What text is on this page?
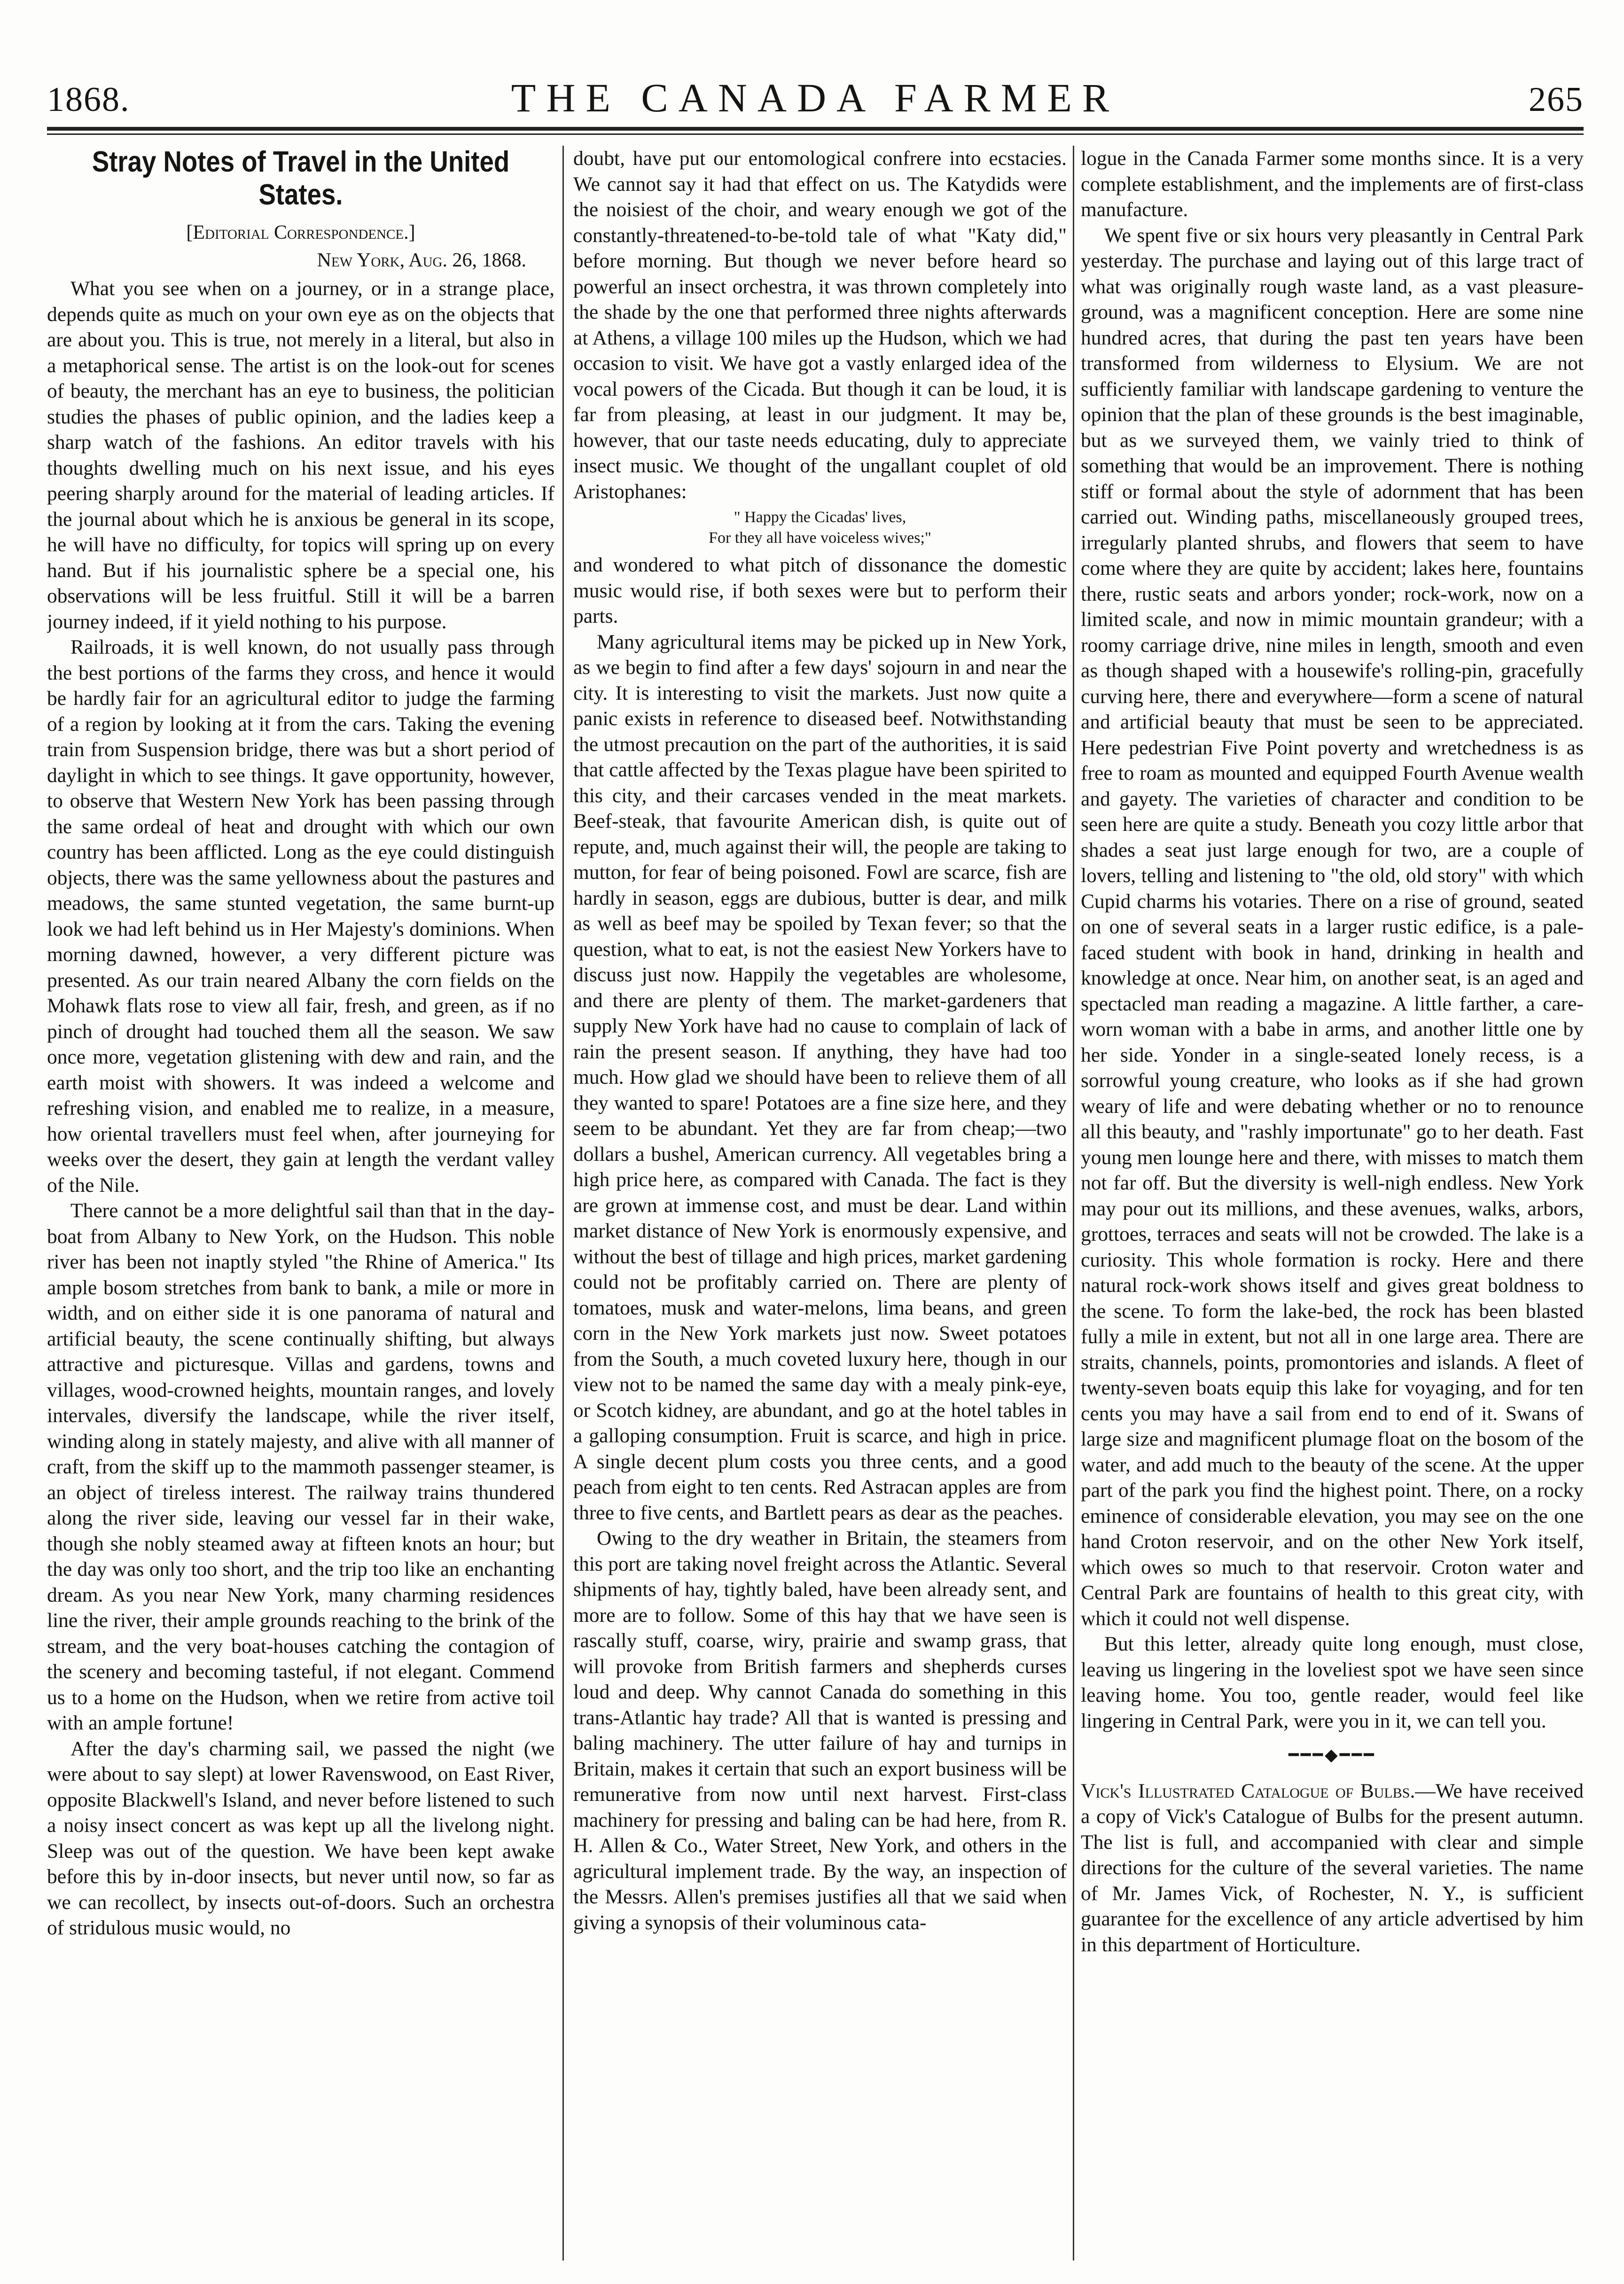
1868.	THE CANADA FARMER	265
Stray Notes of Travel in the United States.
[Editorial Correspondence.]
New York, Aug. 26, 1868.

What you see when on a journey, or in a strange place, depends quite as much on your own eye as on the objects that are about you. This is true, not merely in a literal, but also in a metaphorical sense. The artist is on the look-out for scenes of beauty, the merchant has an eye to business, the politician studies the phases of public opinion, and the ladies keep a sharp watch of the fashions. An editor travels with his thoughts dwelling much on his next issue, and his eyes peering sharply around for the material of leading articles. If the journal about which he is anxious be general in its scope, he will have no difficulty, for topics will spring up on every hand. But if his journalistic sphere be a special one, his observations will be less fruitful. Still it will be a barren journey indeed, if it yield nothing to his purpose.

Railroads, it is well known, do not usually pass through the best portions of the farms they cross, and hence it would be hardly fair for an agricultural editor to judge the farming of a region by looking at it from the cars. Taking the evening train from Suspension bridge, there was but a short period of daylight in which to see things. It gave opportunity, however, to observe that Western New York has been passing through the same ordeal of heat and drought with which our own country has been afflicted. Long as the eye could distinguish objects, there was the same yellowness about the pastures and meadows, the same stunted vegetation, the same burnt-up look we had left behind us in Her Majesty's dominions. When morning dawned, however, a very different picture was presented. As our train neared Albany the corn fields on the Mohawk flats rose to view all fair, fresh, and green, as if no pinch of drought had touched them all the season. We saw once more, vegetation glistening with dew and rain, and the earth moist with showers. It was indeed a welcome and refreshing vision, and enabled me to realize, in a measure, how oriental travellers must feel when, after journeying for weeks over the desert, they gain at length the verdant valley of the Nile.

There cannot be a more delightful sail than that in the day-boat from Albany to New York, on the Hudson. This noble river has been not inaptly styled "the Rhine of America." Its ample bosom stretches from bank to bank, a mile or more in width, and on either side it is one panorama of natural and artificial beauty, the scene continually shifting, but always attractive and picturesque. Villas and gardens, towns and villages, wood-crowned heights, mountain ranges, and lovely intervales, diversify the landscape, while the river itself, winding along in stately majesty, and alive with all manner of craft, from the skiff up to the mammoth passenger steamer, is an object of tireless interest. The railway trains thundered along the river side, leaving our vessel far in their wake, though she nobly steamed away at fifteen knots an hour; but the day was only too short, and the trip too like an enchanting dream. As you near New York, many charming residences line the river, their ample grounds reaching to the brink of the stream, and the very boat-houses catching the contagion of the scenery and becoming tasteful, if not elegant. Commend us to a home on the Hudson, when we retire from active toil with an ample fortune!

After the day's charming sail, we passed the night (we were about to say slept) at lower Ravenswood, on East River, opposite Blackwell's Island, and never before listened to such a noisy insect concert as was kept up all the livelong night. Sleep was out of the question. We have been kept awake before this by in-door insects, but never until now, so far as we can recollect, by insects out-of-doors. Such an orchestra of stridulous music would, no

doubt, have put our entomological confrere into ecstacies. We cannot say it had that effect on us. The Katydids were the noisiest of the choir, and weary enough we got of the constantly-threatened-to-be-told tale of what "Katy did," before morning. But though we never before heard so powerful an insect orchestra, it was thrown completely into the shade by the one that performed three nights afterwards at Athens, a village 100 miles up the Hudson, which we had occasion to visit. We have got a vastly enlarged idea of the vocal powers of the Cicada. But though it can be loud, it is far from pleasing, at least in our judgment. It may be, however, that our taste needs educating, duly to appreciate insect music. We thought of the ungallant couplet of old Aristophanes:

" Happy the Cicadas' lives,
For they all have voiceless wives;"

and wondered to what pitch of dissonance the domestic music would rise, if both sexes were but to perform their parts.

Many agricultural items may be picked up in New York, as we begin to find after a few days' sojourn in and near the city. It is interesting to visit the markets. Just now quite a panic exists in reference to diseased beef. Notwithstanding the utmost precaution on the part of the authorities, it is said that cattle affected by the Texas plague have been spirited to this city, and their carcases vended in the meat markets. Beef-steak, that favourite American dish, is quite out of repute, and, much against their will, the people are taking to mutton, for fear of being poisoned. Fowl are scarce, fish are hardly in season, eggs are dubious, butter is dear, and milk as well as beef may be spoiled by Texan fever; so that the question, what to eat, is not the easiest New Yorkers have to discuss just now. Happily the vegetables are wholesome, and there are plenty of them. The market-gardeners that supply New York have had no cause to complain of lack of rain the present season. If anything, they have had too much. How glad we should have been to relieve them of all they wanted to spare! Potatoes are a fine size here, and they seem to be abundant. Yet they are far from cheap;—two dollars a bushel, American currency. All vegetables bring a high price here, as compared with Canada. The fact is they are grown at immense cost, and must be dear. Land within market distance of New York is enormously expensive, and without the best of tillage and high prices, market gardening could not be profitably carried on. There are plenty of tomatoes, musk and water-melons, lima beans, and green corn in the New York markets just now. Sweet potatoes from the South, a much coveted luxury here, though in our view not to be named the same day with a mealy pink-eye, or Scotch kidney, are abundant, and go at the hotel tables in a galloping consumption. Fruit is scarce, and high in price. A single decent plum costs you three cents, and a good peach from eight to ten cents. Red Astracan apples are from three to five cents, and Bartlett pears as dear as the peaches.

Owing to the dry weather in Britain, the steamers from this port are taking novel freight across the Atlantic. Several shipments of hay, tightly baled, have been already sent, and more are to follow. Some of this hay that we have seen is rascally stuff, coarse, wiry, prairie and swamp grass, that will provoke from British farmers and shepherds curses loud and deep. Why cannot Canada do something in this trans-Atlantic hay trade? All that is wanted is pressing and baling machinery. The utter failure of hay and turnips in Britain, makes it certain that such an export business will be remunerative from now until next harvest. First-class machinery for pressing and baling can be had here, from R. H. Allen & Co., Water Street, New York, and others in the agricultural implement trade. By the way, an inspection of the Messrs. Allen's premises justifies all that we said when giving a synopsis of their voluminous cata-

logue in the Canada Farmer some months since. It is a very complete establishment, and the implements are of first-class manufacture.

We spent five or six hours very pleasantly in Central Park yesterday. The purchase and laying out of this large tract of what was originally rough waste land, as a vast pleasure-ground, was a magnificent conception. Here are some nine hundred acres, that during the past ten years have been transformed from wilderness to Elysium. We are not sufficiently familiar with landscape gardening to venture the opinion that the plan of these grounds is the best imaginable, but as we surveyed them, we vainly tried to think of something that would be an improvement. There is nothing stiff or formal about the style of adornment that has been carried out. Winding paths, miscellaneously grouped trees, irregularly planted shrubs, and flowers that seem to have come where they are quite by accident; lakes here, fountains there, rustic seats and arbors yonder; rock-work, now on a limited scale, and now in mimic mountain grandeur; with a roomy carriage drive, nine miles in length, smooth and even as though shaped with a housewife's rolling-pin, gracefully curving here, there and everywhere—form a scene of natural and artificial beauty that must be seen to be appreciated. Here pedestrian Five Point poverty and wretchedness is as free to roam as mounted and equipped Fourth Avenue wealth and gayety. The varieties of character and condition to be seen here are quite a study. Beneath you cozy little arbor that shades a seat just large enough for two, are a couple of lovers, telling and listening to "the old, old story" with which Cupid charms his votaries. There on a rise of ground, seated on one of several seats in a larger rustic edifice, is a pale-faced student with book in hand, drinking in health and knowledge at once. Near him, on another seat, is an aged and spectacled man reading a magazine. A little farther, a care-worn woman with a babe in arms, and another little one by her side. Yonder in a single-seated lonely recess, is a sorrowful young creature, who looks as if she had grown weary of life and were debating whether or no to renounce all this beauty, and "rashly importunate" go to her death. Fast young men lounge here and there, with misses to match them not far off. But the diversity is well-nigh endless. New York may pour out its millions, and these avenues, walks, arbors, grottoes, terraces and seats will not be crowded. The lake is a curiosity. This whole formation is rocky. Here and there natural rock-work shows itself and gives great boldness to the scene. To form the lake-bed, the rock has been blasted fully a mile in extent, but not all in one large area. There are straits, channels, points, promontories and islands. A fleet of twenty-seven boats equip this lake for voyaging, and for ten cents you may have a sail from end to end of it. Swans of large size and magnificent plumage float on the bosom of the water, and add much to the beauty of the scene. At the upper part of the park you find the highest point. There, on a rocky eminence of considerable elevation, you may see on the one hand Croton reservoir, and on the other New York itself, which owes so much to that reservoir. Croton water and Central Park are fountains of health to this great city, with which it could not well dispense.

But this letter, already quite long enough, must close, leaving us lingering in the loveliest spot we have seen since leaving home. You too, gentle reader, would feel like lingering in Central Park, were you in it, we can tell you.

━━━◆━━━

Vick's Illustrated Catalogue of Bulbs.—We have received a copy of Vick's Catalogue of Bulbs for the present autumn. The list is full, and accompanied with clear and simple directions for the culture of the several varieties. The name of Mr. James Vick, of Rochester, N. Y., is sufficient guarantee for the excellence of any article advertised by him in this department of Horticulture.
